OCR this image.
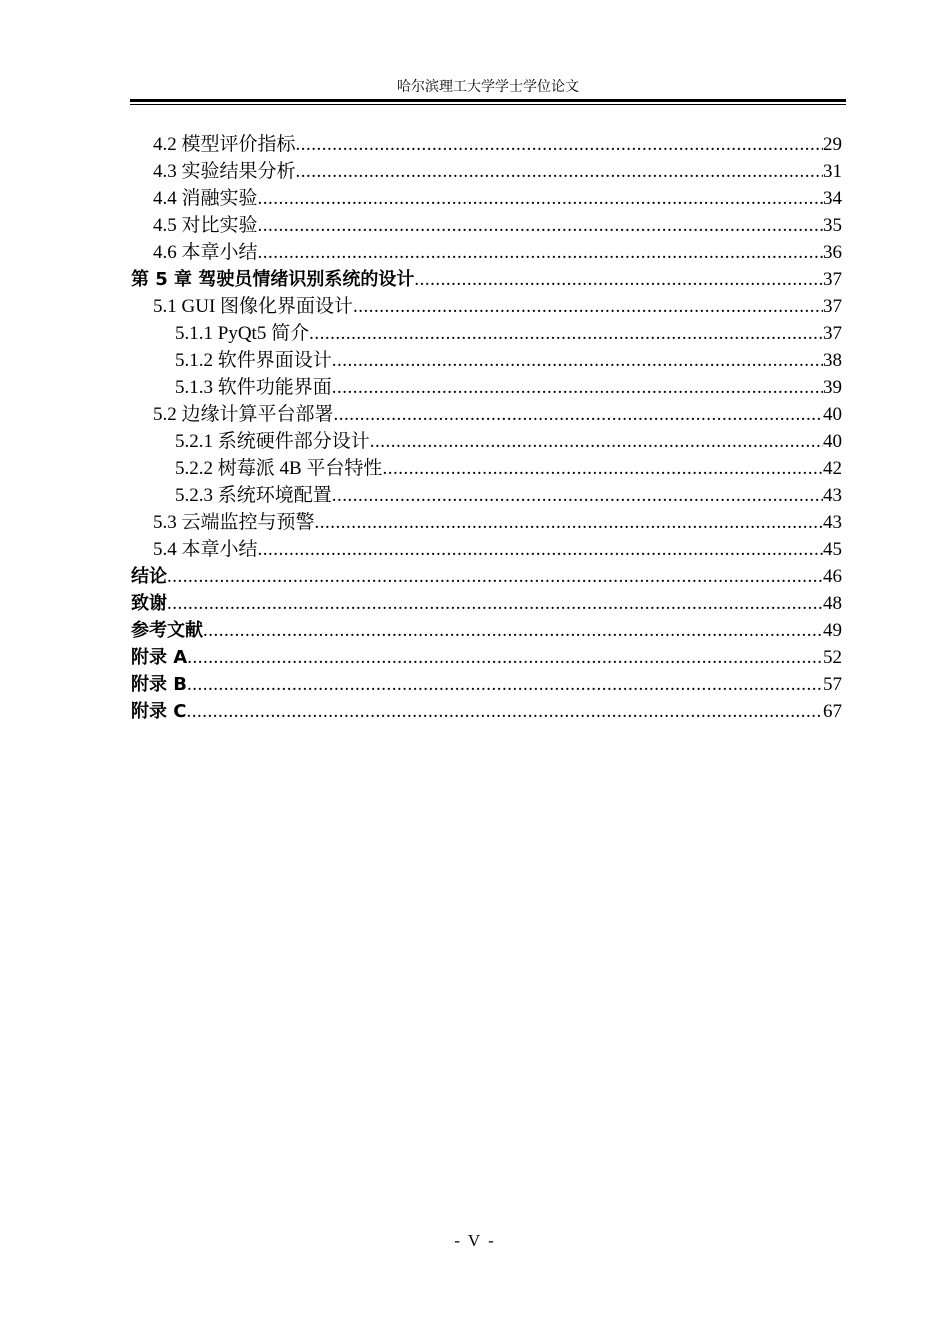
哈尔滨理工大学学士学位论文
4.2 模型评价指标 .....	29
4.3 实验结果分析 .....	31
4.4 消融实验 .....	34
4.5 对比实验 .....	35
4.6 本章小结 .....	36
第 5 章 驾驶员情绪识别系统的设计 .....	37
5.1 GUI 图像化界面设计 .....	37
5.1.1 PyQt5 简介 .....	37
5.1.2 软件界面设计 .....	38
5.1.3 软件功能界面 .....	39
5.2 边缘计算平台部署 .....	40
5.2.1 系统硬件部分设计 .....	40
5.2.2 树莓派 4B 平台特性 .....	42
5.2.3 系统环境配置 .....	43
5.3 云端监控与预警 .....	43
5.4 本章小结 .....	45
结论 .....	46
致谢 .....	48
参考文献 .....	49
附录 A .....	52
附录 B .....	57
附录 C .....	67
- V -
